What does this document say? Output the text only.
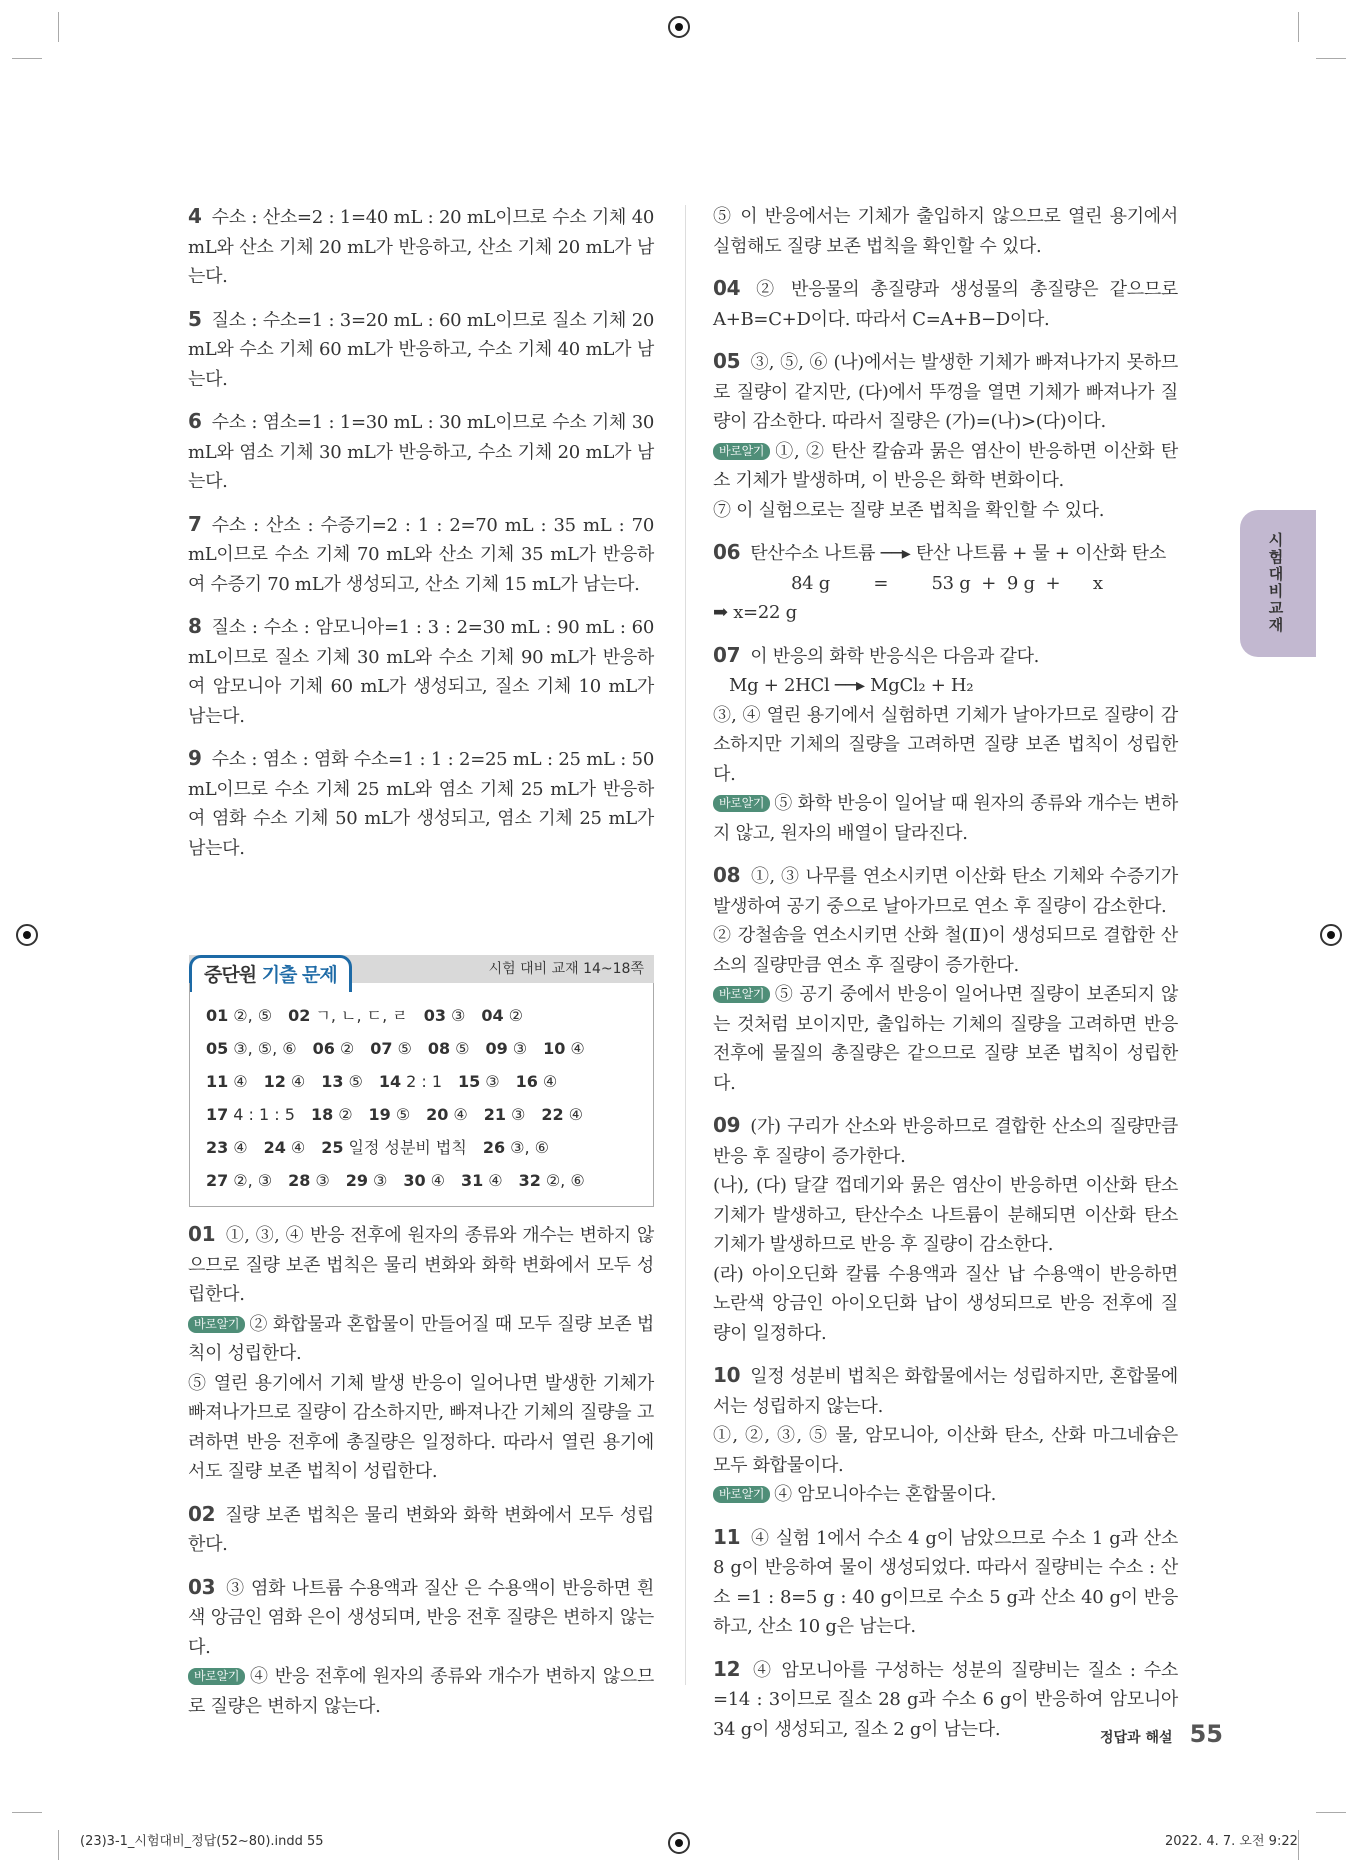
4 수소 : 산소=2 : 1=40 mL : 20 mL이므로 수소 기체 40 mL와 산소 기체 20 mL가 반응하고, 산소 기체 20 mL가 남는다.
5 질소 : 수소=1 : 3=20 mL : 60 mL이므로 질소 기체 20 mL와 수소 기체 60 mL가 반응하고, 수소 기체 40 mL가 남는다.
6 수소 : 염소=1 : 1=30 mL : 30 mL이므로 수소 기체 30 mL와 염소 기체 30 mL가 반응하고, 수소 기체 20 mL가 남는다.
7 수소 : 산소 : 수증기=2 : 1 : 2=70 mL : 35 mL : 70 mL이므로 수소 기체 70 mL와 산소 기체 35 mL가 반응하여 수증기 70 mL가 생성되고, 산소 기체 15 mL가 남는다.
8 질소 : 수소 : 암모니아=1 : 3 : 2=30 mL : 90 mL : 60 mL이므로 질소 기체 30 mL와 수소 기체 90 mL가 반응하여 암모니아 기체 60 mL가 생성되고, 질소 기체 10 mL가 남는다.
9 수소 : 염소 : 염화 수소=1 : 1 : 2=25 mL : 25 mL : 50 mL이므로 수소 기체 25 mL와 염소 기체 25 mL가 반응하여 염화 수소 기체 50 mL가 생성되고, 염소 기체 25 mL가 남는다.
중단원 기출 문제	시험 대비 교재 14~18쪽
01 ②, ⑤ 02 ㄱ, ㄴ, ㄷ, ㄹ 03 ③ 04 ②05 ③, ⑤, ⑥ 06 ② 07 ⑤ 08 ⑤ 09 ③ 10 ④11 ④ 12 ④ 13 ⑤ 14 2 : 1 15 ③ 16 ④17 4 : 1 : 5 18 ② 19 ⑤ 20 ④ 21 ③ 22 ④23 ④ 24 ④ 25 일정 성분비 법칙 26 ③, ⑥27 ②, ③ 28 ③ 29 ③ 30 ④ 31 ④ 32 ②, ⑥
01 ①, ③, ④ 반응 전후에 원자의 종류와 개수는 변하지 않으므로 질량 보존 법칙은 물리 변화와 화학 변화에서 모두 성립한다.
바로알기 ② 화합물과 혼합물이 만들어질 때 모두 질량 보존 법칙이 성립한다.
⑤ 열린 용기에서 기체 발생 반응이 일어나면 발생한 기체가 빠져나가므로 질량이 감소하지만, 빠져나간 기체의 질량을 고려하면 반응 전후에 총질량은 일정하다. 따라서 열린 용기에서도 질량 보존 법칙이 성립한다.
02 질량 보존 법칙은 물리 변화와 화학 변화에서 모두 성립한다.
03 ③ 염화 나트륨 수용액과 질산 은 수용액이 반응하면 흰색 앙금인 염화 은이 생성되며, 반응 전후 질량은 변하지 않는다.
바로알기 ④ 반응 전후에 원자의 종류와 개수가 변하지 않으므로 질량은 변하지 않는다.
⑤ 이 반응에서는 기체가 출입하지 않으므로 열린 용기에서 실험해도 질량 보존 법칙을 확인할 수 있다.
04 ② 반응물의 총질량과 생성물의 총질량은 같으므로 A+B=C+D이다. 따라서 C=A+B−D이다.
05 ③, ⑤, ⑥ (나)에서는 발생한 기체가 빠져나가지 못하므로 질량이 같지만, (다)에서 뚜껑을 열면 기체가 빠져나가 질량이 감소한다. 따라서 질량은 (가)=(나)>(다)이다.
바로알기 ①, ② 탄산 칼슘과 묽은 염산이 반응하면 이산화 탄소 기체가 발생하며, 이 반응은 화학 변화이다.
⑦ 이 실험으로는 질량 보존 법칙을 확인할 수 있다.
06 탄산수소 나트륨 ──▸ 탄산 나트륨 + 물 + 이산화 탄소
84 g        =        53 g  +  9 g  +      x
➡ x=22 g
07 이 반응의 화학 반응식은 다음과 같다.
Mg + 2HCl ──▸ MgCl₂ + H₂
③, ④ 열린 용기에서 실험하면 기체가 날아가므로 질량이 감소하지만 기체의 질량을 고려하면 질량 보존 법칙이 성립한다.
바로알기 ⑤ 화학 반응이 일어날 때 원자의 종류와 개수는 변하지 않고, 원자의 배열이 달라진다.
08 ①, ③ 나무를 연소시키면 이산화 탄소 기체와 수증기가 발생하여 공기 중으로 날아가므로 연소 후 질량이 감소한다.
② 강철솜을 연소시키면 산화 철(Ⅱ)이 생성되므로 결합한 산소의 질량만큼 연소 후 질량이 증가한다.
바로알기 ⑤ 공기 중에서 반응이 일어나면 질량이 보존되지 않는 것처럼 보이지만, 출입하는 기체의 질량을 고려하면 반응 전후에 물질의 총질량은 같으므로 질량 보존 법칙이 성립한다.
09 (가) 구리가 산소와 반응하므로 결합한 산소의 질량만큼 반응 후 질량이 증가한다.
(나), (다) 달걀 껍데기와 묽은 염산이 반응하면 이산화 탄소 기체가 발생하고, 탄산수소 나트륨이 분해되면 이산화 탄소 기체가 발생하므로 반응 후 질량이 감소한다.
(라) 아이오딘화 칼륨 수용액과 질산 납 수용액이 반응하면 노란색 앙금인 아이오딘화 납이 생성되므로 반응 전후에 질량이 일정하다.
10 일정 성분비 법칙은 화합물에서는 성립하지만, 혼합물에서는 성립하지 않는다.
①, ②, ③, ⑤ 물, 암모니아, 이산화 탄소, 산화 마그네슘은 모두 화합물이다.
바로알기 ④ 암모니아수는 혼합물이다.
11 ④ 실험 1에서 수소 4 g이 남았으므로 수소 1 g과 산소 8 g이 반응하여 물이 생성되었다. 따라서 질량비는 수소 : 산소 =1 : 8=5 g : 40 g이므로 수소 5 g과 산소 40 g이 반응하고, 산소 10 g은 남는다.
12 ④ 암모니아를 구성하는 성분의 질량비는 질소 : 수소 =14 : 3이므로 질소 28 g과 수소 6 g이 반응하여 암모니아 34 g이 생성되고, 질소 2 g이 남는다.
시험 대비 교재
정답과 해설 55
(23)3-1_시험대비_정답(52~80).indd 55	2022. 4. 7. 오전 9:22
